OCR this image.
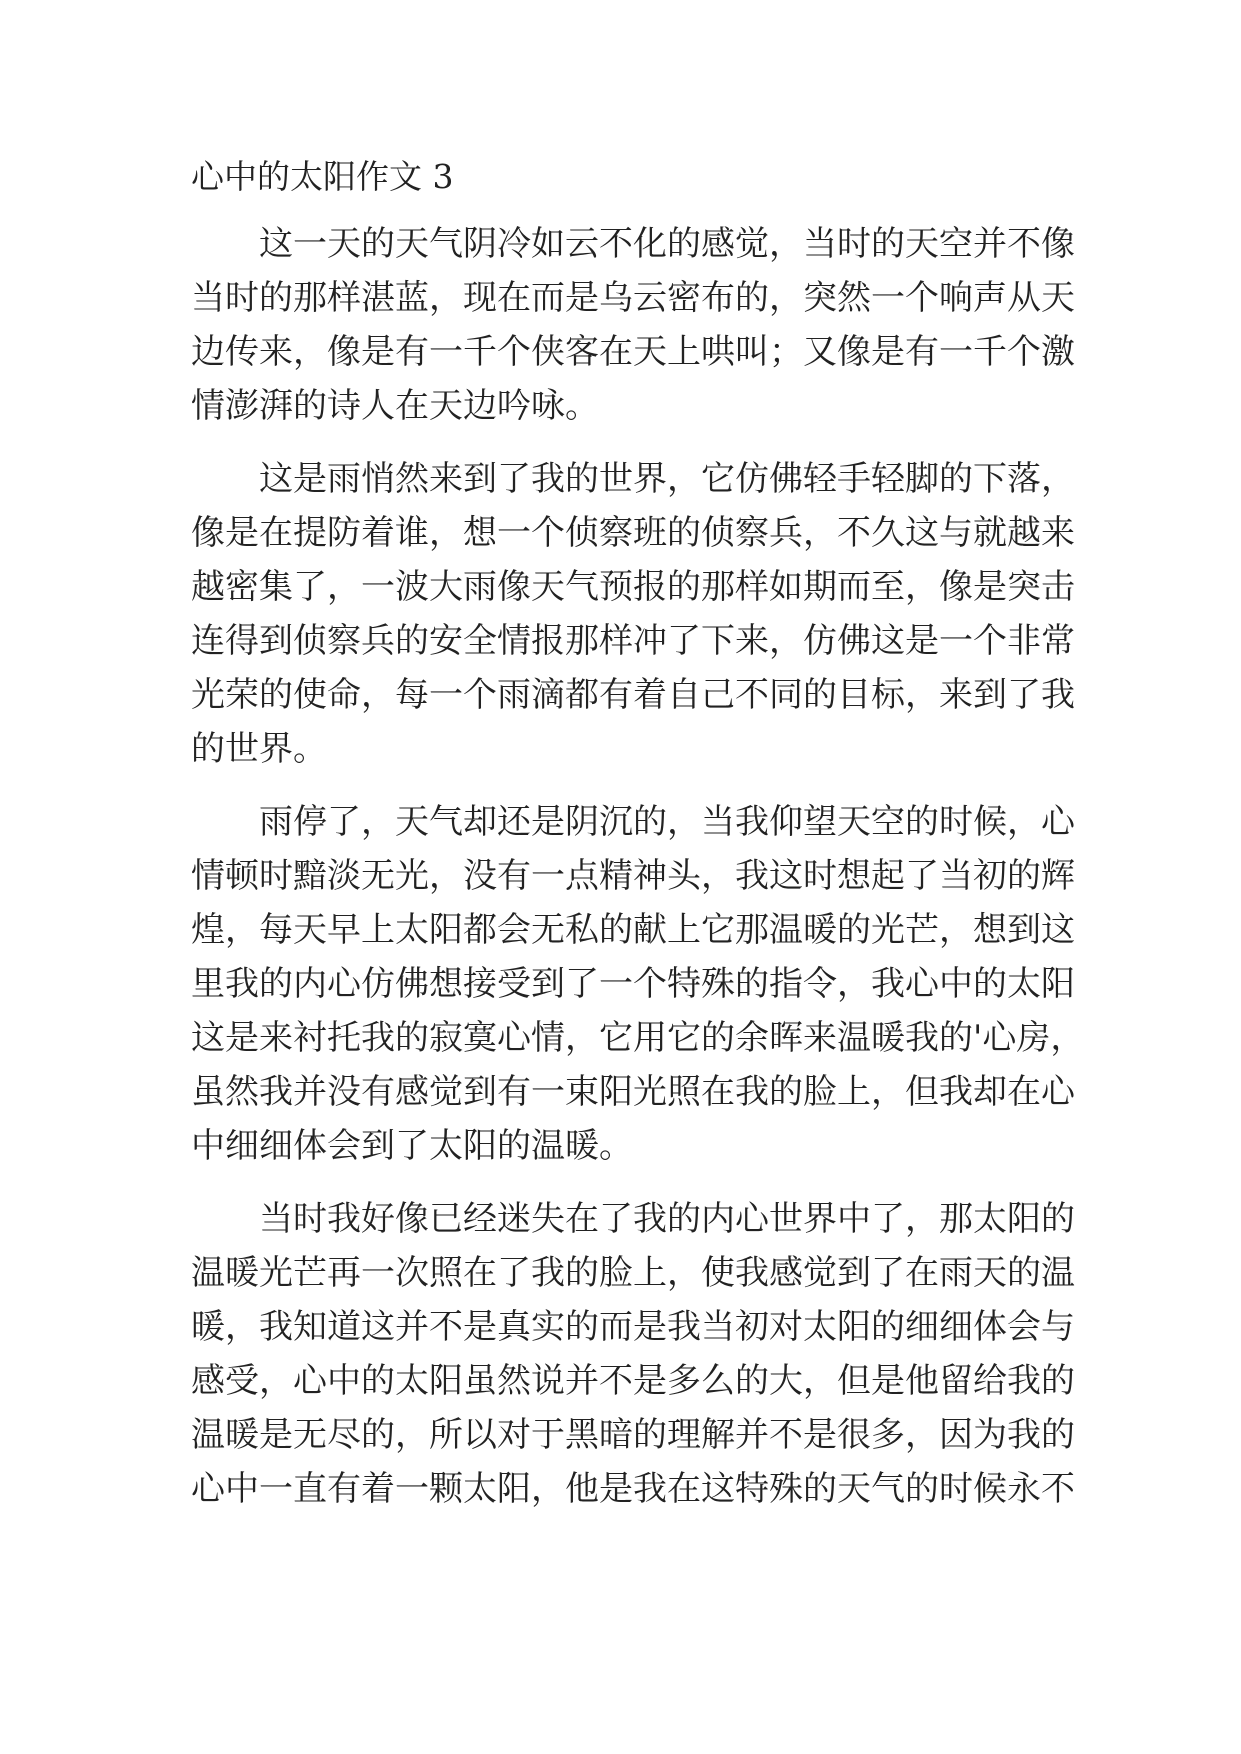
心中的太阳作文 3
这一天的天气阴冷如云不化的感觉，当时的天空并不像
当时的那样湛蓝，现在而是乌云密布的，突然一个响声从天
边传来，像是有一千个侠客在天上哄叫；又像是有一千个激
情澎湃的诗人在天边吟咏。
这是雨悄然来到了我的世界，它仿佛轻手轻脚的下落，
像是在提防着谁，想一个侦察班的侦察兵，不久这与就越来
越密集了，一波大雨像天气预报的那样如期而至，像是突击
连得到侦察兵的安全情报那样冲了下来，仿佛这是一个非常
光荣的使命，每一个雨滴都有着自己不同的目标，来到了我
的世界。
雨停了，天气却还是阴沉的，当我仰望天空的时候，心
情顿时黯淡无光，没有一点精神头，我这时想起了当初的辉
煌，每天早上太阳都会无私的献上它那温暖的光芒，想到这
里我的内心仿佛想接受到了一个特殊的指令，我心中的太阳
这是来衬托我的寂寞心情，它用它的余晖来温暖我的'心房，
虽然我并没有感觉到有一束阳光照在我的脸上，但我却在心
中细细体会到了太阳的温暖。
当时我好像已经迷失在了我的内心世界中了，那太阳的
温暖光芒再一次照在了我的脸上，使我感觉到了在雨天的温
暖，我知道这并不是真实的而是我当初对太阳的细细体会与
感受，心中的太阳虽然说并不是多么的大，但是他留给我的
温暖是无尽的，所以对于黑暗的理解并不是很多，因为我的
心中一直有着一颗太阳，他是我在这特殊的天气的时候永不
